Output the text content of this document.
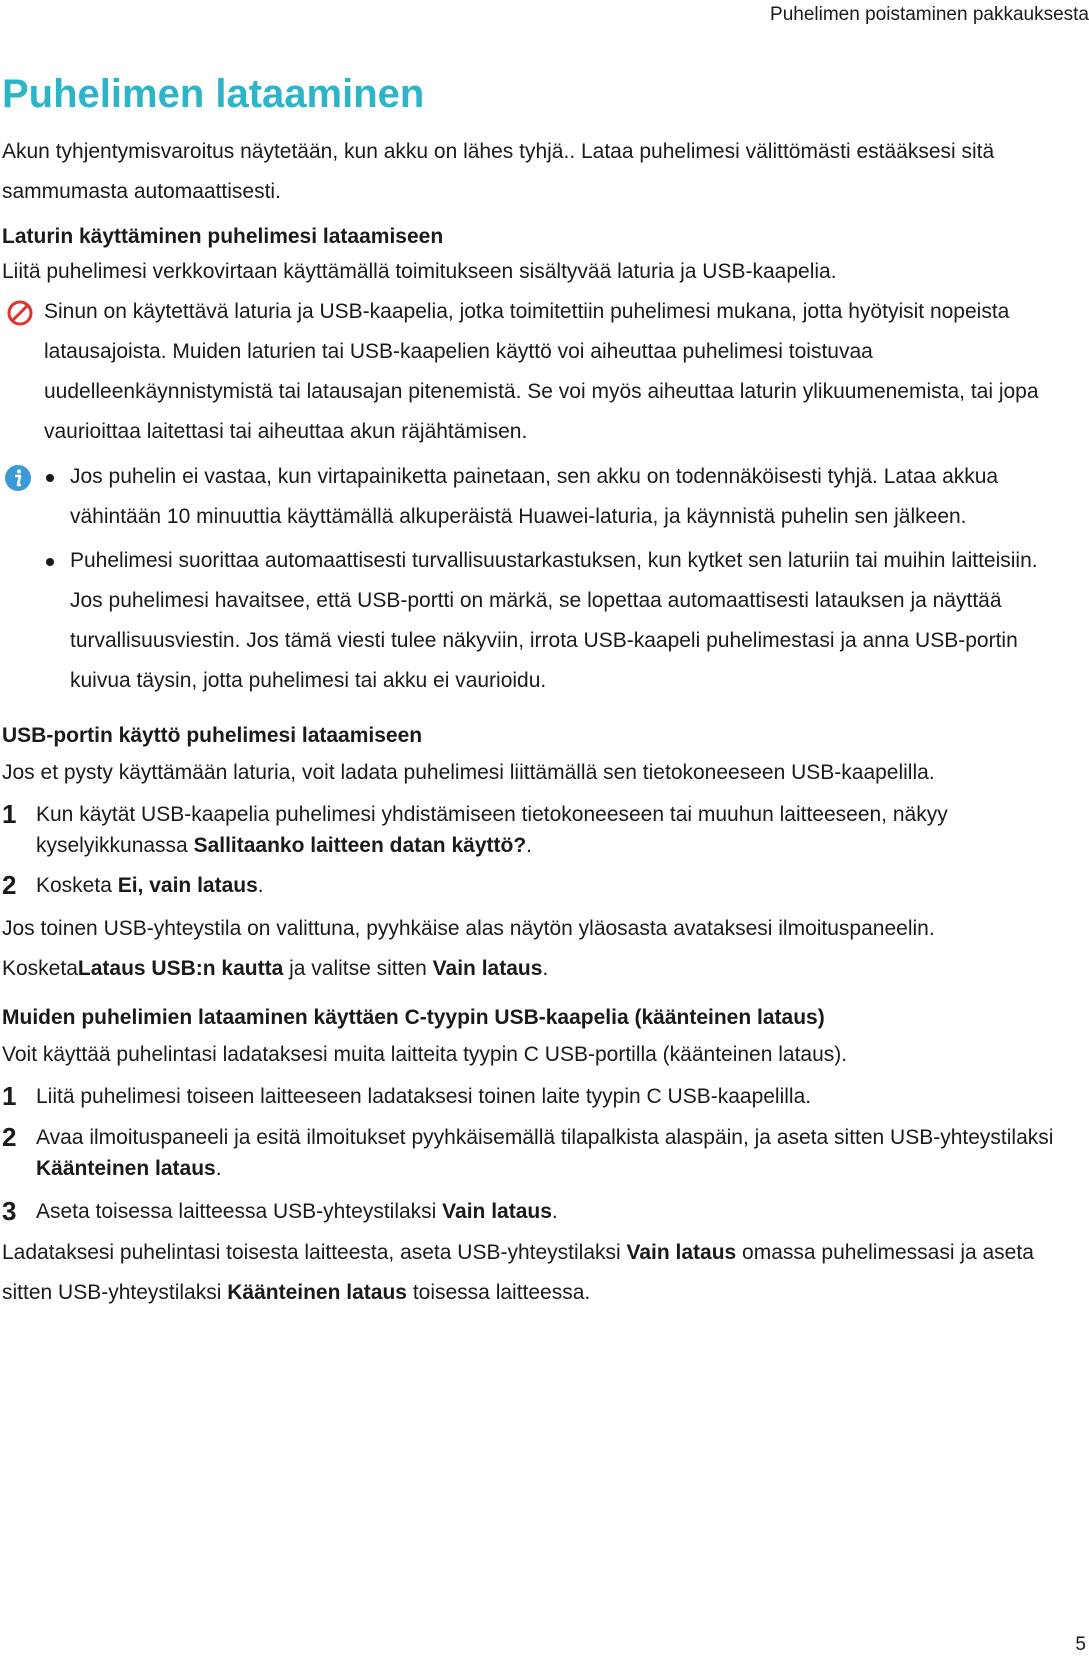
Puhelimen poistaminen pakkauksesta
Puhelimen lataaminen

Akun tyhjentymisvaroitus näytetään, kun akku on lähes tyhjä.. Lataa puhelimesi välittömästi estääksesi sitä sammumasta automaattisesti.

Laturin käyttäminen puhelimesi lataamiseen

Liitä puhelimesi verkkovirtaan käyttämällä toimitukseen sisältyvää laturia ja USB-kaapelia.

Sinun on käytettävä laturia ja USB-kaapelia, jotka toimitettiin puhelimesi mukana, jotta hyötyisit nopeista latausajoista. Muiden laturien tai USB-kaapelien käyttö voi aiheuttaa puhelimesi toistuvaa uudelleenkäynnistymistä tai latausajan pitenemistä. Se voi myös aiheuttaa laturin ylikuumenemista, tai jopa vaurioittaa laitettasi tai aiheuttaa akun räjähtämisen.

Jos puhelin ei vastaa, kun virtapainiketta painetaan, sen akku on todennäköisesti tyhjä. Lataa akkua vähintään 10 minuuttia käyttämällä alkuperäistä Huawei-laturia, ja käynnistä puhelin sen jälkeen.
Puhelimesi suorittaa automaattisesti turvallisuustarkastuksen, kun kytket sen laturiin tai muihin laitteisiin. Jos puhelimesi havaitsee, että USB-portti on märkä, se lopettaa automaattisesti latauksen ja näyttää turvallisuusviestin. Jos tämä viesti tulee näkyviin, irrota USB-kaapeli puhelimestasi ja anna USB-portin kuivua täysin, jotta puhelimesi tai akku ei vaurioidu.
USB-portin käyttö puhelimesi lataamiseen

Jos et pysty käyttämään laturia, voit ladata puhelimesi liittämällä sen tietokoneeseen USB-kaapelilla.

1 Kun käytät USB-kaapelia puhelimesi yhdistämiseen tietokoneeseen tai muuhun laitteeseen, näkyy kyselyikkunassa Sallitaanko laitteen datan käyttö?.
2 Kosketa Ei, vain lataus.

Jos toinen USB-yhteystila on valittuna, pyyhkäise alas näytön yläosasta avataksesi ilmoituspaneelin. KosketaLataus USB:n kautta ja valitse sitten Vain lataus.

Muiden puhelimien lataaminen käyttäen C-tyypin USB-kaapelia (käänteinen lataus)

Voit käyttää puhelintasi ladataksesi muita laitteita tyypin C USB-portilla (käänteinen lataus).

1 Liitä puhelimesi toiseen laitteeseen ladataksesi toinen laite tyypin C USB-kaapelilla.
2 Avaa ilmoituspaneeli ja esitä ilmoitukset pyyhkäisemällä tilapalkista alaspäin, ja aseta sitten USB-yhteystilaksi Käänteinen lataus.
3 Aseta toisessa laitteessa USB-yhteystilaksi Vain lataus.

Ladataksesi puhelintasi toisesta laitteesta, aseta USB-yhteystilaksi Vain lataus omassa puhelimessasi ja aseta sitten USB-yhteystilaksi Käänteinen lataus toisessa laitteessa.

5
